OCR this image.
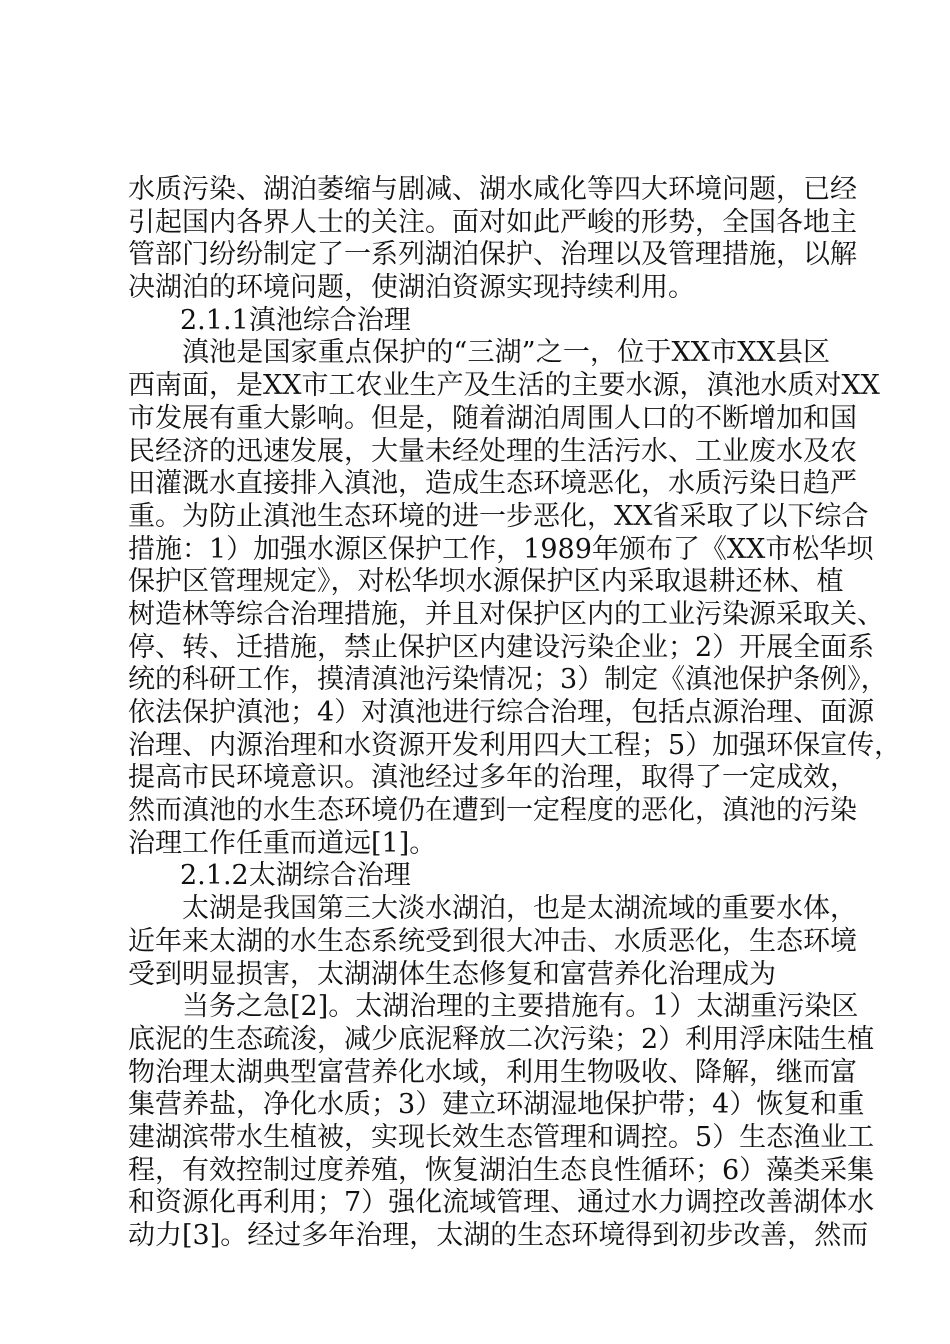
水质污染、湖泊萎缩与剧减、湖水咸化等四大环境问题，已经
引起国内各界人士的关注。面对如此严峻的形势，全国各地主
管部门纷纷制定了一系列湖泊保护、治理以及管理措施，以解
决湖泊的环境问题，使湖泊资源实现持续利用。
2.1.1滇池综合治理
滇池是国家重点保护的“三湖”之一，位于XX市XX县区
西南面，是XX市工农业生产及生活的主要水源，滇池水质对XX
市发展有重大影响。但是，随着湖泊周围人口的不断增加和国
民经济的迅速发展，大量未经处理的生活污水、工业废水及农
田灌溉水直接排入滇池，造成生态环境恶化，水质污染日趋严
重。为防止滇池生态环境的进一步恶化，XX省采取了以下综合
措施：1）加强水源区保护工作，1989年颁布了《XX市松华坝
保护区管理规定》，对松华坝水源保护区内采取退耕还林、植
树造林等综合治理措施，并且对保护区内的工业污染源采取关、
停、转、迁措施，禁止保护区内建设污染企业；2）开展全面系
统的科研工作，摸清滇池污染情况；3）制定《滇池保护条例》，
依法保护滇池；4）对滇池进行综合治理，包括点源治理、面源
治理、内源治理和水资源开发利用四大工程；5）加强环保宣传，
提高市民环境意识。滇池经过多年的治理，取得了一定成效，
然而滇池的水生态环境仍在遭到一定程度的恶化，滇池的污染
治理工作任重而道远[1]。
2.1.2太湖综合治理
太湖是我国第三大淡水湖泊，也是太湖流域的重要水体，
近年来太湖的水生态系统受到很大冲击、水质恶化，生态环境
受到明显损害，太湖湖体生态修复和富营养化治理成为
当务之急[2]。太湖治理的主要措施有。1）太湖重污染区
底泥的生态疏浚，减少底泥释放二次污染；2）利用浮床陆生植
物治理太湖典型富营养化水域，利用生物吸收、降解，继而富
集营养盐，净化水质；3）建立环湖湿地保护带；4）恢复和重
建湖滨带水生植被，实现长效生态管理和调控。5）生态渔业工
程，有效控制过度养殖，恢复湖泊生态良性循环；6）藻类采集
和资源化再利用；7）强化流域管理、通过水力调控改善湖体水
动力[3]。经过多年治理，太湖的生态环境得到初步改善，然而
